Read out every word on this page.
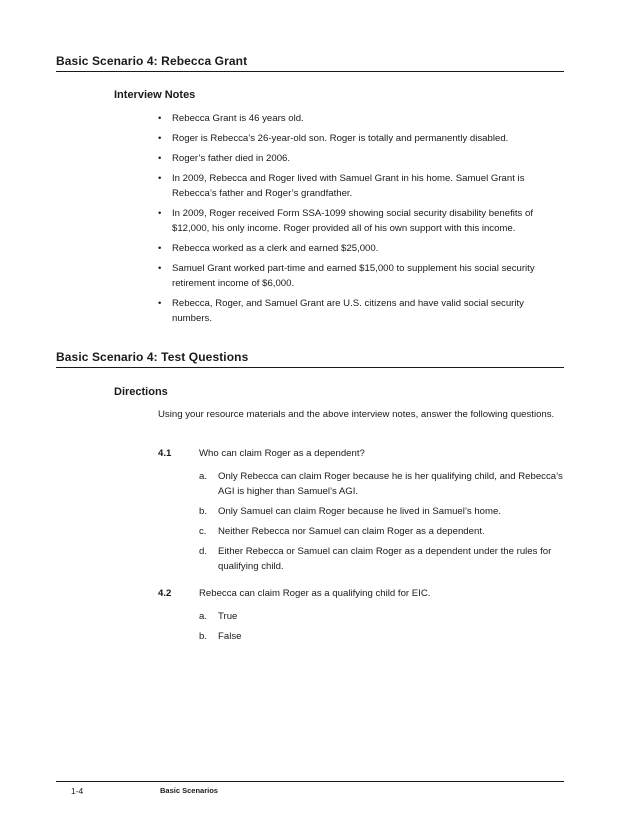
Basic Scenario 4: Rebecca Grant
Interview Notes
• Rebecca Grant is 46 years old.
• Roger is Rebecca’s 26-year-old son. Roger is totally and permanently disabled.
• Roger’s father died in 2006.
• In 2009, Rebecca and Roger lived with Samuel Grant in his home. Samuel Grant is Rebecca’s father and Roger’s grandfather.
• In 2009, Roger received Form SSA-1099 showing social security disability benefits of $12,000, his only income. Roger provided all of his own support with this income.
• Rebecca worked as a clerk and earned $25,000.
• Samuel Grant worked part-time and earned $15,000 to supplement his social security retirement income of $6,000.
• Rebecca, Roger, and Samuel Grant are U.S. citizens and have valid social security numbers.
Basic Scenario 4: Test Questions
Directions
Using your resource materials and the above interview notes, answer the following questions.
4.1	Who can claim Roger as a dependent?
a. Only Rebecca can claim Roger because he is her qualifying child, and Rebecca’s AGI is higher than Samuel’s AGI.
b. Only Samuel can claim Roger because he lived in Samuel’s home.
c. Neither Rebecca nor Samuel can claim Roger as a dependent.
d. Either Rebecca or Samuel can claim Roger as a dependent under the rules for qualifying child.
4.2	Rebecca can claim Roger as a qualifying child for EIC.
a. True
b. False
1-4	Basic Scenarios
